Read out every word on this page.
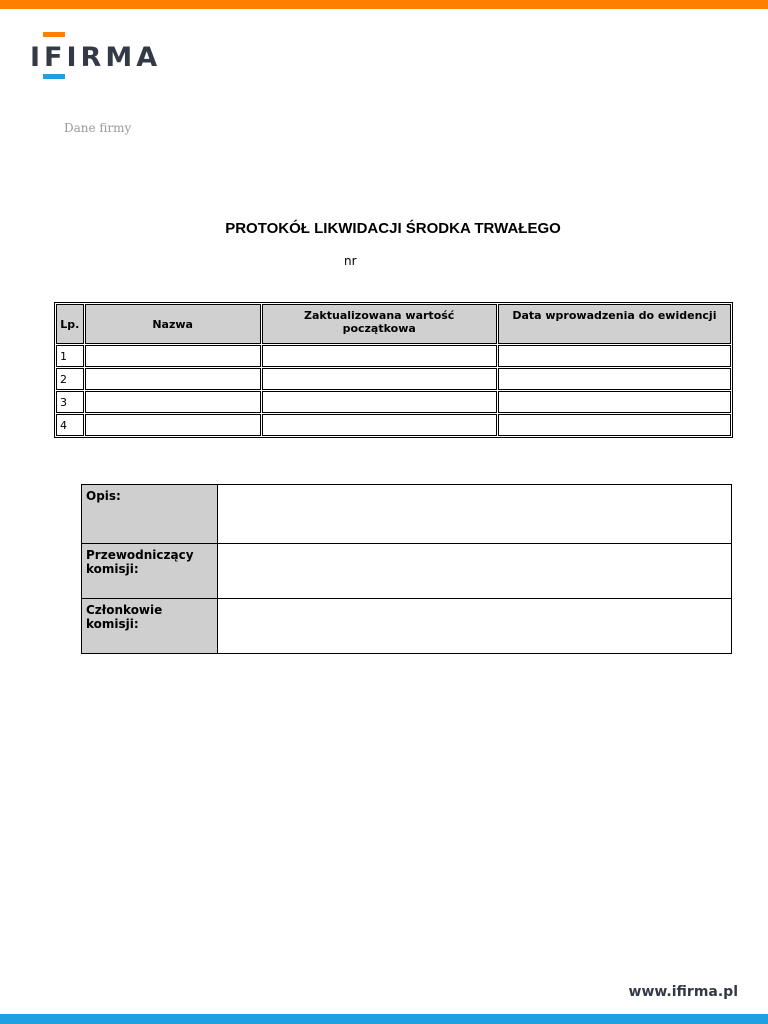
IFIRMA
Dane firmy
PROTOKÓŁ LIKWIDACJI ŚRODKA TRWAŁEGO
nr
Lp.	Nazwa	Zaktualizowana wartość początkowa	Data wprowadzenia do ewidencji
1			
2			
3			
4			
Opis:	
Przewodniczący komisji:	
Członkowie komisji:	
www.ifirma.pl
